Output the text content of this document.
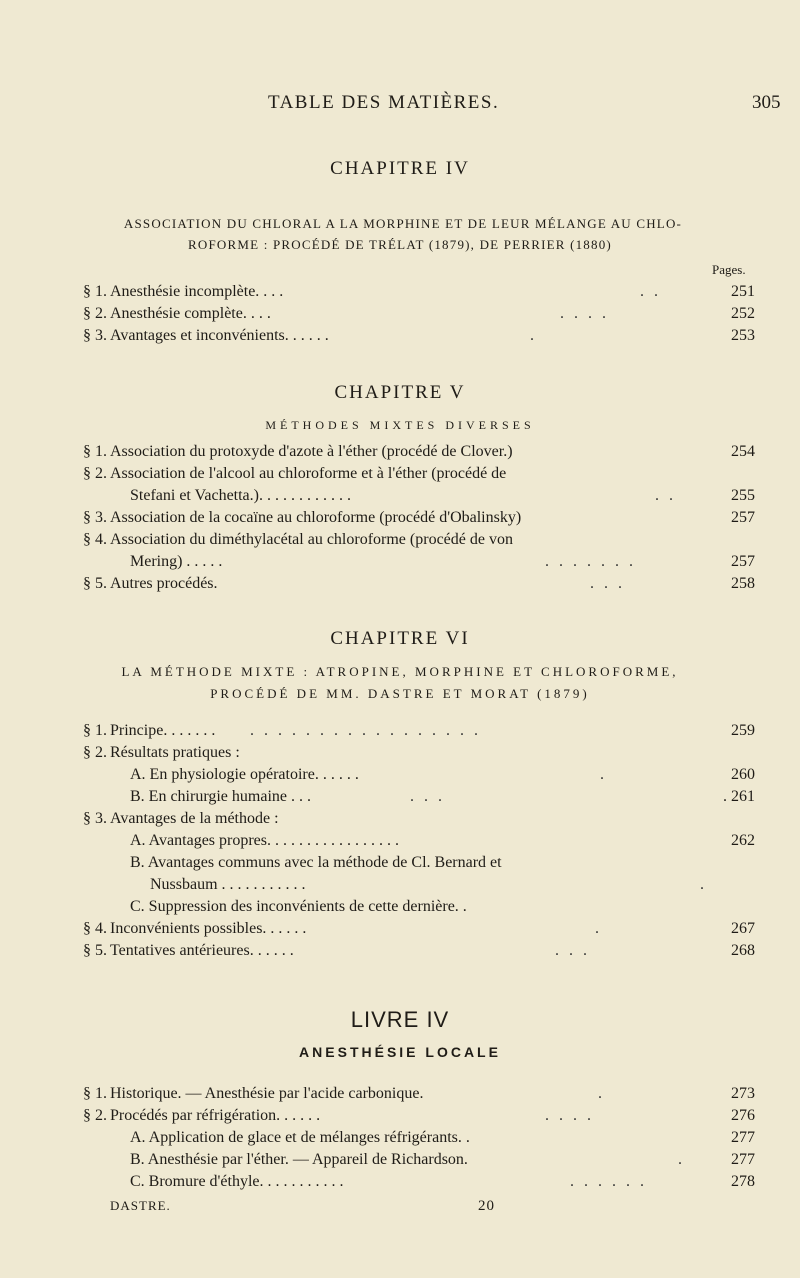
TABLE DES MATIÈRES.	305
CHAPITRE IV
ASSOCIATION DU CHLORAL A LA MORPHINE ET DE LEUR MÉLANGE AU CHLO-
ROFORME : PROCÉDÉ DE TRÉLAT (1879), DE PERRIER (1880)
Pages.
§ 1. Anesthésie incomplète. . . .	. .	251
§ 2. Anesthésie complète. . . .	. . . .	252
§ 3. Avantages et inconvénients. . . . . .	.	253
CHAPITRE V
MÉTHODES MIXTES DIVERSES
§ 1. Association du protoxyde d'azote à l'éther (procédé de Clover.)	254
§ 2. Association de l'alcool au chloroforme et à l'éther (procédé de
Stefani et Vachetta.). . . . . . . . . . . .	. .	255
§ 3. Association de la cocaïne au chloroforme (procédé d'Obalinsky)	257
§ 4. Association du diméthylacétal au chloroforme (procédé de von
Mering) . . . . .	. . . . . . .	257
§ 5. Autres procédés.	. . .	258
CHAPITRE VI
LA MÉTHODE MIXTE : ATROPINE, MORPHINE ET CHLOROFORME,
PROCÉDÉ DE MM. DASTRE ET MORAT (1879)
§ 1. Principe. . . . . . . . . . . . . . . . . . . . . . . .	259
§ 2. Résultats pratiques :
A. En physiologie opératoire. . . . . .	.	260
B. En chirurgie humaine . . .	. . .	. 261
§ 3. Avantages de la méthode :
A. Avantages propres. . . . . . . . . . . . . . . . .	262
B. Avantages communs avec la méthode de Cl. Bernard et
Nussbaum . . . . . . . . . . .	.
C. Suppression des inconvénients de cette dernière. .
§ 4. Inconvénients possibles. . . . . .	.	267
§ 5. Tentatives antérieures. . . . . .	. . .	268
LIVRE IV
ANESTHÉSIE LOCALE
§ 1. Historique. — Anesthésie par l'acide carbonique.	.	273
§ 2. Procédés par réfrigération. . . . . .	. . . .	276
A. Application de glace et de mélanges réfrigérants. .	277
B. Anesthésie par l'éther. — Appareil de Richardson.	.	277
C. Bromure d'éthyle. . . . . . . . . . .	. . . . . .	278
DASTRE.	20
